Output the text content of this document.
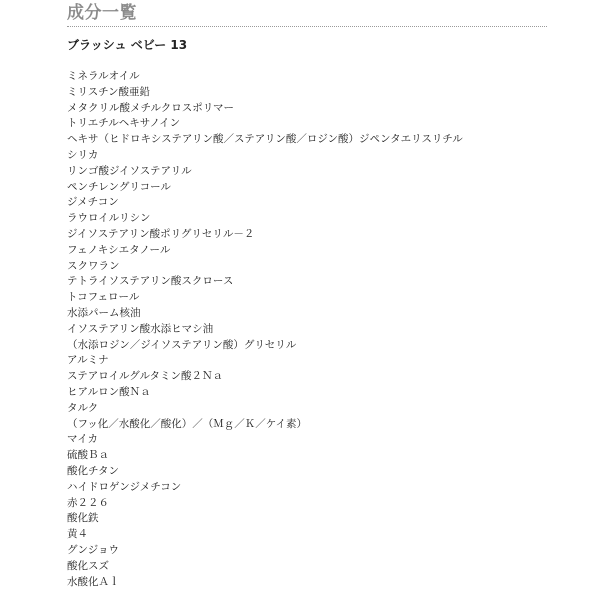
成分一覧
ブラッシュ ベビー 13
ミネラルオイル
ミリスチン酸亜鉛
メタクリル酸メチルクロスポリマー
トリエチルヘキサノイン
ヘキサ（ヒドロキシステアリン酸／ステアリン酸／ロジン酸）ジペンタエリスリチル
シリカ
リンゴ酸ジイソステアリル
ペンチレングリコール
ジメチコン
ラウロイルリシン
ジイソステアリン酸ポリグリセリル－２
フェノキシエタノール
スクワラン
テトライソステアリン酸スクロース
トコフェロール
水添パーム核油
イソステアリン酸水添ヒマシ油
（水添ロジン／ジイソステアリン酸）グリセリル
アルミナ
ステアロイルグルタミン酸２Ｎａ
ヒアルロン酸Ｎａ
タルク
（フッ化／水酸化／酸化）／（Ｍｇ／Ｋ／ケイ素）
マイカ
硫酸Ｂａ
酸化チタン
ハイドロゲンジメチコン
赤２２６
酸化鉄
黄４
グンジョウ
酸化スズ
水酸化Ａｌ
